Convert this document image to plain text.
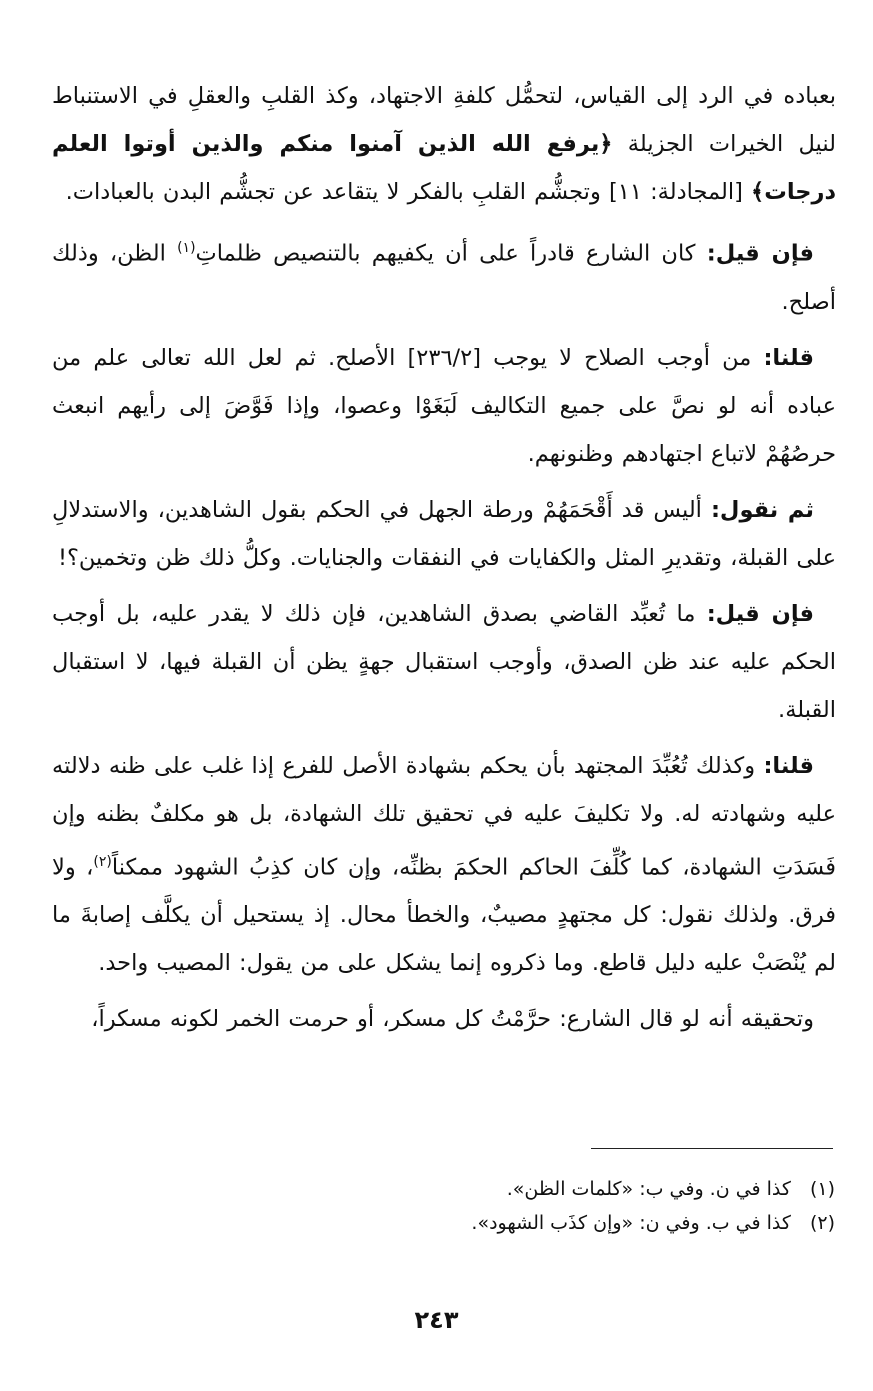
بعباده في الرد إلى القياس، لتحمُّل كلفةِ الاجتهاد، وكذ القلبِ والعقلِ في الاستنباط لنيل الخيرات الجزيلة ﴿يرفع الله الذين آمنوا منكم والذين أوتوا العلم درجات﴾ [المجادلة: ١١] وتجشُّم القلبِ بالفكر لا يتقاعد عن تجشُّم البدن بالعبادات.

فإن قيل: كان الشارع قادراً على أن يكفيهم بالتنصيص ظلماتِ$^{(١)}$ الظن، وذلك أصلح.

قلنا: من أوجب الصلاح لا يوجب [٢٣٦/٢] الأصلح. ثم لعل الله تعالى علم من عباده أنه لو نصَّ على جميع التكاليف لَبَغَوْا وعصوا، وإذا فَوَّضَ إلى رأيهم انبعث حرصُهُمْ لاتباع اجتهادهم وظنونهم.

ثم نقول: أليس قد أَقْحَمَهُمْ ورطة الجهل في الحكم بقول الشاهدين، والاستدلالِ على القبلة، وتقديرِ المثل والكفايات في النفقات والجنايات. وكلُّ ذلك ظن وتخمين؟!

فإن قيل: ما تُعبِّد القاضي بصدق الشاهدين، فإن ذلك لا يقدر عليه، بل أوجب الحكم عليه عند ظن الصدق، وأوجب استقبال جهةٍ يظن أن القبلة فيها، لا استقبال القبلة.

قلنا: وكذلك تُعُبِّدَ المجتهد بأن يحكم بشهادة الأصل للفرع إذا غلب على ظنه دلالته عليه وشهادته له. ولا تكليفَ عليه في تحقيق تلك الشهادة، بل هو مكلفٌ بظنه وإن فَسَدَتِ الشهادة، كما كُلِّفَ الحاكم الحكمَ بظنِّه، وإن كان كذِبُ الشهود ممكناً$^{(٢)}$، ولا فرق. ولذلك نقول: كل مجتهدٍ مصيبٌ، والخطأ محال. إذ يستحيل أن يكلَّف إصابةَ ما لم يُنْصَبْ عليه دليل قاطع. وما ذكروه إنما يشكل على من يقول: المصيب واحد.

وتحقيقه أنه لو قال الشارع: حرَّمْتُ كل مسكر، أو حرمت الخمر لكونه مسكراً،

(١) كذا في ن. وفي ب: «كلمات الظن».
(٢) كذا في ب. وفي ن: «وإن كذَب الشهود».
٢٤٣
